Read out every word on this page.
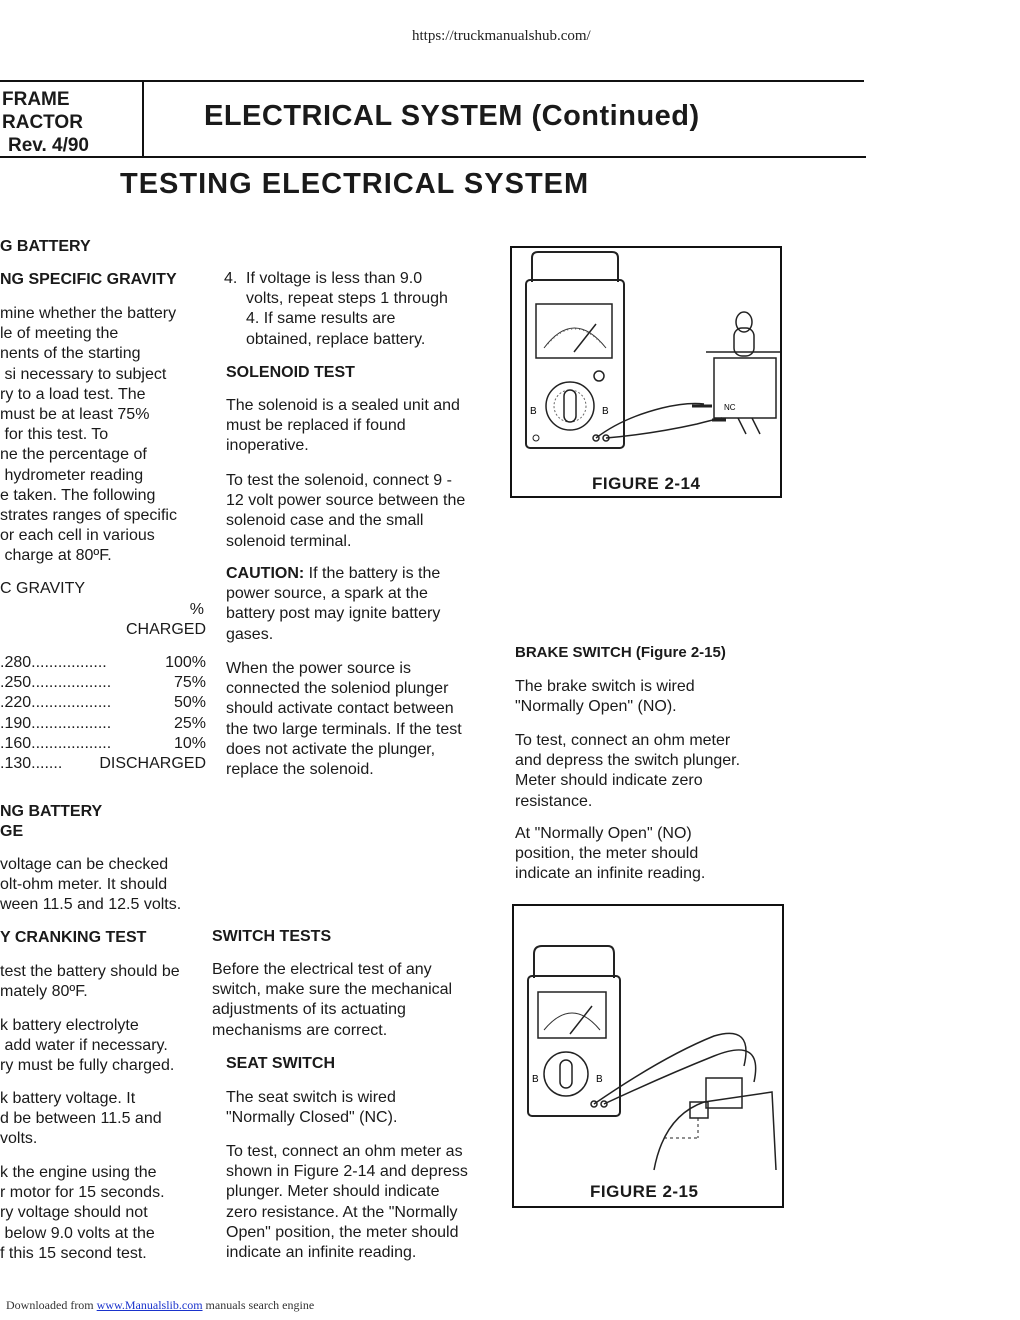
https://truckmanualshub.com/
FRAME
RACTOR
Rev. 4/90
ELECTRICAL SYSTEM (Continued)
TESTING ELECTRICAL SYSTEM
G BATTERY
NG SPECIFIC GRAVITY
mine whether the battery
le of meeting the
nents of the starting
si necessary to subject
ry to a load test. The
must be at least 75%
for this test. To
ne the percentage of
hydrometer reading
e taken. The following
strates ranges of specific
or each cell in various
charge at 80ºF.
C GRAVITY
%
CHARGED
.280.................	100%
.250..................	75%
.220..................	50%
.190..................	25%
.160..................	10%
.130....... DISCHARGED
NG BATTERY
GE
voltage can be checked
olt-ohm meter. It should
ween 11.5 and 12.5 volts.
Y CRANKING TEST
test the battery should be
mately 80ºF.
k battery electrolyte
add water if necessary.
ry must be fully charged.
k battery voltage. It
d be between 11.5 and
volts.
k the engine using the
r motor for 15 seconds.
ry voltage should not
below 9.0 volts at the
f this 15 second test.
4. If voltage is less than 9.0
volts, repeat steps 1 through
4. If same results are
obtained, replace battery.
SOLENOID TEST
The solenoid is a sealed unit and
must be replaced if found
inoperative.
To test the solenoid, connect 9 -
12 volt power source between the
solenoid case and the small
solenoid terminal.
CAUTION: If the battery is the
power source, a spark at the
battery post may ignite battery
gases.
When the power source is
connected the soleniod plunger
should activate contact between
the two large terminals. If the test
does not activate the plunger,
replace the solenoid.
SWITCH TESTS
Before the electrical test of any
switch, make sure the mechanical
adjustments of its actuating
mechanisms are correct.
SEAT SWITCH
The seat switch is wired
"Normally Closed" (NC).
To test, connect an ohm meter as
shown in Figure 2-14 and depress
plunger. Meter should indicate
zero resistance. At the "Normally
Open" position, the meter should
indicate an infinite reading.
B	B	NC
FIGURE 2-14
BRAKE SWITCH (Figure 2-15)
The brake switch is wired
"Normally Open" (NO).
To test, connect an ohm meter
and depress the switch plunger.
Meter should indicate zero
resistance.
At "Normally Open" (NO)
position, the meter should
indicate an infinite reading.
B	B
FIGURE 2-15
Downloaded from www.Manualslib.com manuals search engine
